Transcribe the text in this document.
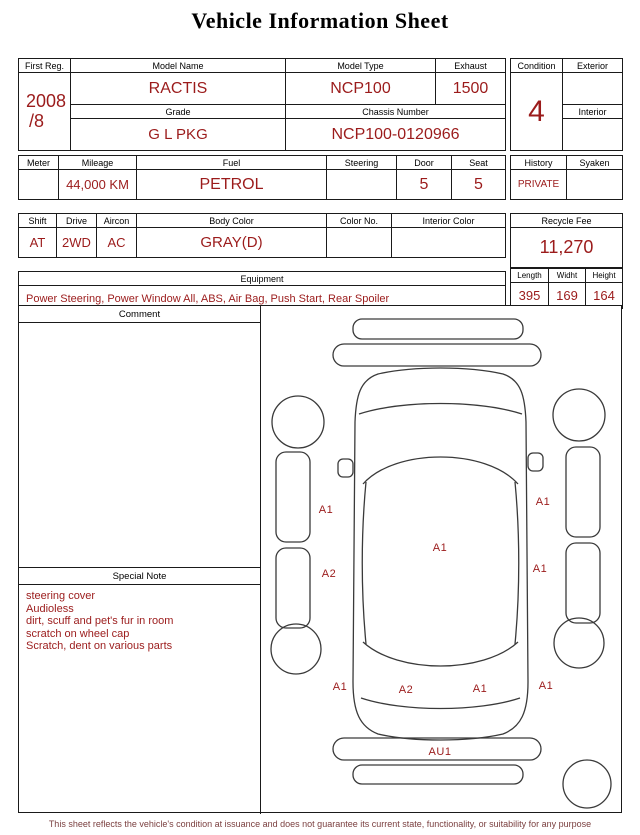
Vehicle Information Sheet
First Reg.	Model Name	Model Type	Exhaust

2008
/8	RACTIS	NCP100	1500
	Grade	Chassis Number	
	G L PKG	NCP100-0120966	
Condition	Exterior
4	
	Interior

Meter	Mileage	Fuel	Steering	Door	Seat
	44,000 KM	PETROL		5	5
Shift	Drive	Aircon	Body Color	Color No.	Interior Color
AT	2WD	AC	GRAY(D)		
Equipment
Power Steering, Power Window All, ABS, Air Bag, Push Start, Rear Spoiler
History	Syaken
PRIVATE	
Recycle Fee
11,270
Length	Widht	Height
395	169	164
Comment
Special Note
steering cover
Audioless
dirt, scuff and pet's fur in room
scratch on wheel cap
Scratch, dent on various parts
A1
A1
A1
A2	A1
A1	A2	A1	A1
AU1
This sheet reflects the vehicle's condition at issuance and does not guarantee its current state, functionality, or suitability for any purpose
